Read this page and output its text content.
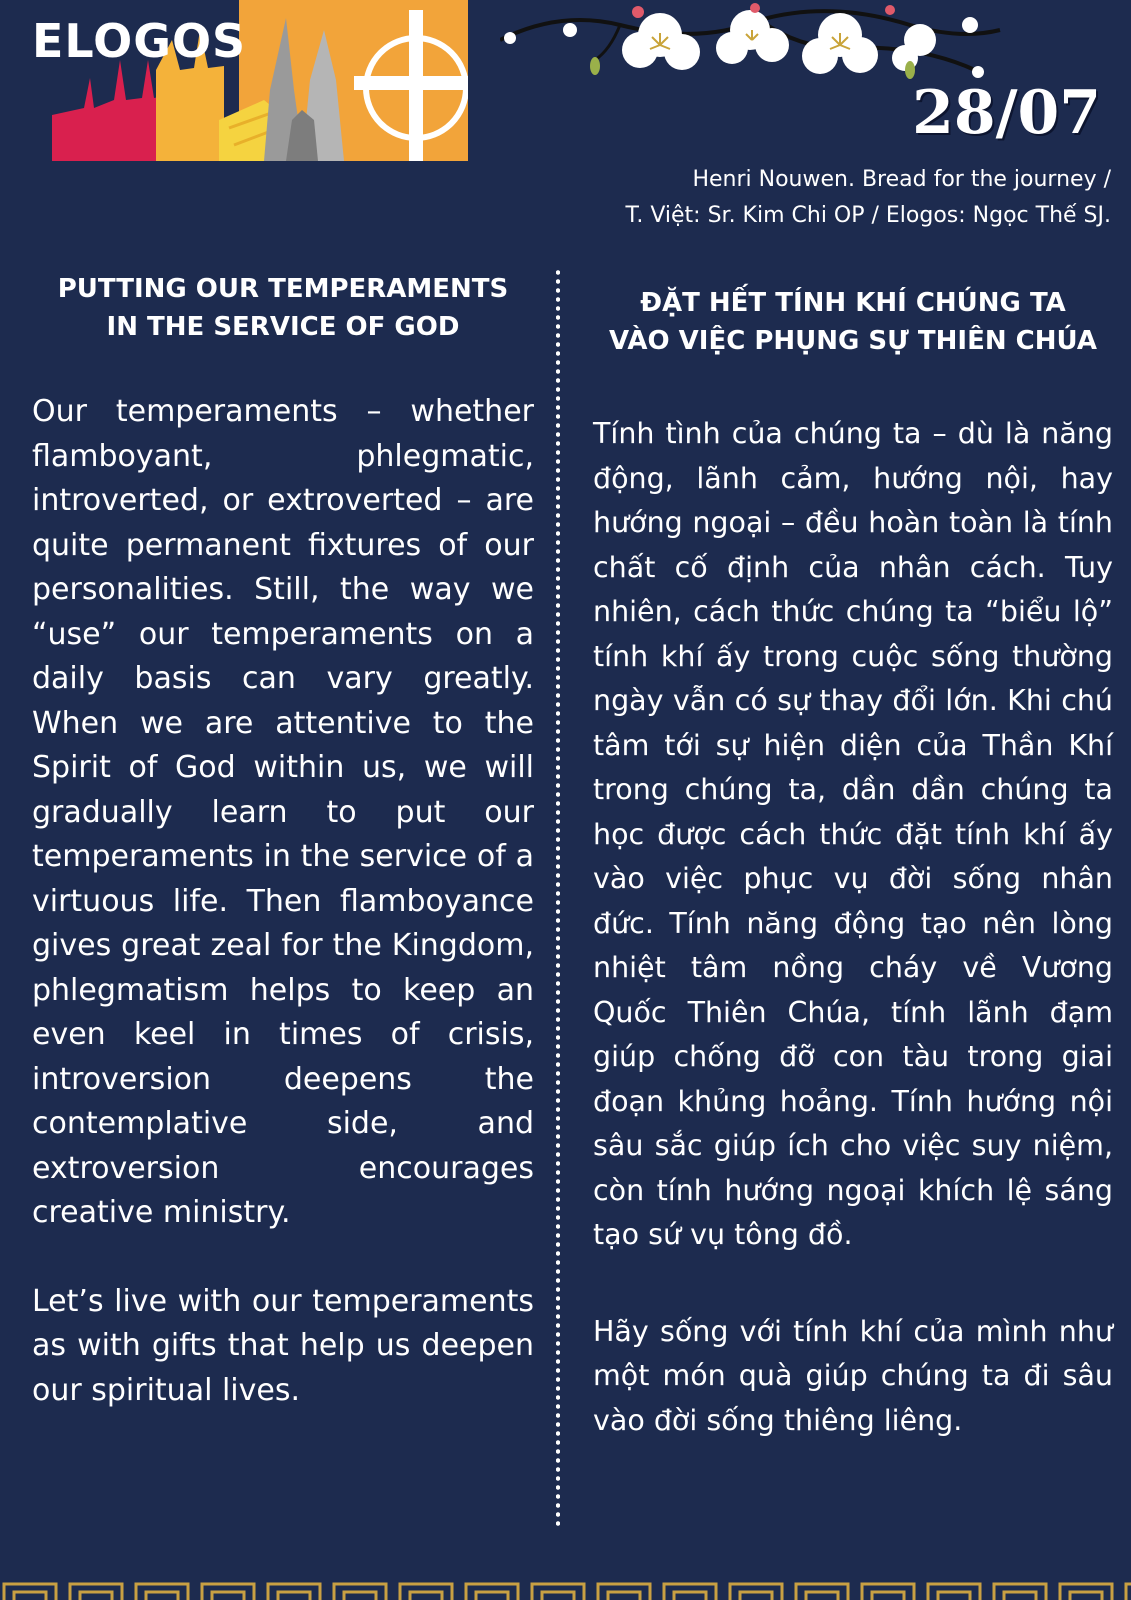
ELOGOS
28/07
Henri Nouwen. Bread for the journey /
T. Việt: Sr. Kim Chi OP / Elogos: Ngọc Thế SJ.
PUTTING OUR TEMPERAMENTS
IN THE SERVICE OF GOD

Our temperaments – whether flamboyant, phlegmatic, introverted, or extroverted – are quite permanent fixtures of our personalities. Still, the way we “use” our temperaments on a daily basis can vary greatly. When we are attentive to the Spirit of God within us, we will gradually learn to put our temperaments in the service of a virtuous life. Then flamboyance gives great zeal for the Kingdom, phlegmatism helps to keep an even keel in times of crisis, introversion deepens the contemplative side, and extroversion encourages creative ministry.

Let’s live with our temperaments as with gifts that help us deepen our spiritual lives.

ĐẶT HẾT TÍNH KHÍ CHÚNG TA
VÀO VIỆC PHỤNG SỰ THIÊN CHÚA

Tính tình của chúng ta – dù là năng động, lãnh cảm, hướng nội, hay hướng ngoại – đều hoàn toàn là tính chất cố định của nhân cách. Tuy nhiên, cách thức chúng ta “biểu lộ” tính khí ấy trong cuộc sống thường ngày vẫn có sự thay đổi lớn. Khi chú tâm tới sự hiện diện của Thần Khí trong chúng ta, dần dần chúng ta học được cách thức đặt tính khí ấy vào việc phục vụ đời sống nhân đức. Tính năng động tạo nên lòng nhiệt tâm nồng cháy về Vương Quốc Thiên Chúa, tính lãnh đạm giúp chống đỡ con tàu trong giai đoạn khủng hoảng. Tính hướng nội sâu sắc giúp ích cho việc suy niệm, còn tính hướng ngoại khích lệ sáng tạo sứ vụ tông đồ.

Hãy sống với tính khí của mình như một món quà giúp chúng ta đi sâu vào đời sống thiêng liêng.
